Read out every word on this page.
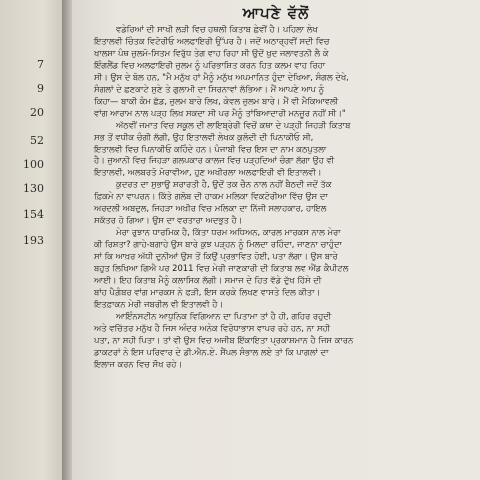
7
9
20
52
100
130
154
193
ਆਪਣੇ ਵੱਲੋਂ
ਵਡੇਰਿਆਂ ਦੀ ਸਾਖੀ ਲੜੀ ਵਿਚ ਹਥਲੀ ਕਿਤਾਬ ਛੇਵੀਂ ਹੈ। ਪਹਿਲਾ ਲੇਖ
ਇਤਾਲਵੀ ਚਿੰਤਕ ਵਿਟੋਰੀਓ ਅਲਫਾਇਰੀ ਉੱਪਰ ਹੈ। ਜਦੋਂ ਅਠਾਰ੍ਹਵੀਂ ਸਦੀ ਵਿਚ
ਖਾਲਸਾ ਪੰਥ ਜ਼ੁਲਮੋ-ਸਿਤਮ ਵਿਰੁੱਧ ਤੇਗ ਵਾਹ ਰਿਹਾ ਸੀ ਉਦੋਂ ਖੁਦ ਜਲਾਵਤਨੀ ਲੈ ਕੇ
ਇੰਗਲੈਂਡ ਵਿਚ ਅਲਫਾਇਰੀ ਜ਼ੁਲਮ ਨੂੰ ਪਰਿਭਾਸ਼ਿਤ ਕਰਨ ਹਿਤ ਕਲਮ ਵਾਹ ਰਿਹਾ
ਸੀ। ਉਸ ਦੇ ਬੋਲ ਹਨ, "ਮੈ ਮਨੁੱਖ ਹਾਂ ਮੈਨੂੰ ਮਨੁੱਖ ਅਪਮਾਨਿਤ ਹੁੰਦਾ ਦੇਖਿਆ, ਸੰਗਲ ਦੇਖੇ,
ਸੰਗਲਾਂ ਦੇ ਛਣਕਾਟੇ ਸੁਣੇ ਤੇ ਗੁਲਾਮੀ ਦਾ ਸਿਰਨਾਵਾਂ ਲੱਭਿਆ। ਮੈਂ ਆਪਣੇ ਆਪ ਨੂੰ
ਕਿਹਾ— ਬਾਕੀ ਕੰਮ ਛੱਡ, ਜ਼ੁਲਮ ਬਾਰੇ ਲਿਖ, ਕੇਵਲ ਜ਼ੁਲਮ ਬਾਰੇ। ਮੈਂ ਵੀ ਮੈਕਿਆਵਲੀ
ਵਾਂਗ ਆਰਾਮ ਨਾਲ ਪੜ੍ਹ ਲਿਖ ਸਕਦਾ ਸੀ ਪਰ ਮੈਨੂੰ ਤਾਂਬਿਆਦਾਰੀ ਮਨਜ਼ੂਰ ਨਹੀਂ ਸੀ।"
ਅੱਠਵੀਂ ਜਮਾਤ ਵਿਚ ਸਕੂਲ ਦੀ ਲਾਇਬ੍ਰੇਰੀ ਵਿਚੋਂ ਕਥਾ ਦੇ ਪੜ੍ਹੀ ਜਿਹੜੀ ਕਿਤਾਬ
ਸਭ ਤੋਂ ਵਧੀਕ ਚੰਗੀ ਲੱਗੀ, ਉਹ ਇਤਾਲਵੀ ਲੇਖਕ ਕੁਲੋਦੀ ਦੀ ਪਿਨਾਕੀਓ ਸੀ,
ਇਤਾਲਵੀ ਵਿਚ ਪਿਨਾਕੀਓ ਕਹਿੰਦੇ ਹਨ। ਪੰਜਾਬੀ ਵਿਚ ਇਸ ਦਾ ਨਾਮ ਕਠਪੁਤਲਾ
ਹੈ। ਜੁਆਨੀ ਵਿਚ ਜਿਹੜਾ ਗਲਪਕਾਰ ਕਾਲਜ ਵਿਚ ਪੜ੍ਹਦਿਆਂ ਚੰਗਾ ਲੱਗਾ ਉਹ ਵੀ
ਇਤਾਲਵੀ, ਅਲਬਰਤੋ ਮੋਰਾਵੀਆ, ਹੁਣ ਅਖੀਰਲਾ ਅਲਫਾਇਰੀ ਵੀ ਇਤਾਲਵੀ।
ਕੁਦਰਤ ਦਾ ਸੁਭਾਉ ਸ਼ਰਾਰਤੀ ਹੈ, ਉਦੋਂ ਤਕ ਚੈਨ ਨਾਲ ਨਹੀਂ ਬੈਠਦੀ ਜਦੋਂ ਤੱਕ
ਫ਼ਿਕਮੇ ਨਾ ਵਾਪਰਨ। ਕਿੱਤੇ ਗਲੋਬ ਦੀ ਹਾਕਮ ਮਲਿਕਾ ਵਿਕਟੋਰੀਆ ਵਿੱਚ ਉਸ ਦਾ
ਅਰਦਲੀ ਅਬਦੁਲ, ਜਿਹੜਾ ਅਖ਼ੀਰ ਵਿਚ ਮਲਿਕਾ ਦਾ ਨਿੱਜੀ ਸਲਾਹਕਾਰ, ਹਾਇਲ
ਸਕੱਤਰ ਹੋ ਗਿਆ। ਉਸ ਦਾ ਵਰਤਾਰਾ ਅਦਭੁਤ ਹੈ।
ਮੇਰਾ ਰੁਝਾਨ ਧਾਰਮਿਕ ਹੈ, ਕਿੱਤਾ ਧਰਮ ਅਧਿਅਨ, ਕਾਰਲ ਮਾਰਕਸ ਨਾਲ ਮੇਰਾ
ਕੀ ਰਿਸ਼ਤਾ? ਗਾਹੇ-ਬਗਾਹੇ ਉਸ ਬਾਰੇ ਕੁਝ ਪੜ੍ਹਨ ਨੂੰ ਮਿਲਦਾ ਰਹਿੰਦਾ, ਜਾਣਨਾ ਚਾਹੁੰਦਾ
ਸਾਂ ਕਿ ਆਖ਼ਰ ਅੱਧੀ ਦੁਨੀਆਂ ਉਸ ਤੋਂ ਕਿਉਂ ਪ੍ਰਭਾਵਿਤ ਹੋਈ, ਪਤਾ ਲੱਗਾ। ਉਸ ਬਾਰੇ
ਬਹੁਤ ਲਿਖਿਆ ਗਿਐ ਪਰ 2011 ਵਿਚ ਮੇਰੀ ਜਾਣਕਾਰੀ ਦੀ ਕਿਤਾਬ ਲਵ ਐਂਡ ਕੈਪੀਟਲ
ਆਈ। ਇਹ ਕਿਤਾਬ ਮੈਨੂੰ ਕਲਾਸਿਕ ਲੱਗੀ। ਸਮਾਜ ਦੇ ਹਿਤ ਵੱਡੇ ਦੁੱਖ ਹਿੱਸੇ ਦੀ
ਬਾਂਹ ਪੈਗ਼ੰਬਰ ਵਾਂਗ ਮਾਰਕਸ ਨੇ ਫੜੀ, ਇਸ ਕਰਕੇ ਲਿਖਣ ਵਾਸਤੇ ਦਿਲ ਕੀਤਾ।
ਇਤਫ਼ਾਕਨ ਮੇਰੀ ਜਬਰੀਲ ਵੀ ਇਤਾਲਵੀ ਹੈ।
ਆਇੰਨਸਟੀਨ ਆਧੁਨਿਕ ਵਿਗਿਆਨ ਦਾ ਪਿਤਾਮਾ ਤਾਂ ਹੈ ਹੀ, ਗਹਿਰ ਰਹੁਦੀ
ਅਤੇ ਵਚਿੱਤਰ ਮਨੁੱਖ ਹੈ ਜਿਸ ਅੰਦਰ ਅਨੇਕ ਵਿਰੋਧਾਭਾਸ ਵਾਪਰ ਰਹੇ ਹਨ, ਨਾ ਸਹੀ
ਪਤਾ, ਨਾ ਸਹੀ ਪਿਤਾ। ਤਾਂ ਵੀ ਉਸ ਵਿਚ ਅਜੀਬ ਇੱਕਾਇਤਾ ਪ੍ਰਕਾਸ਼ਮਾਨ ਹੈ ਜਿਸ ਕਾਰਨ
ਡਾਕਟਰਾਂ ਨੇ ਇਸ ਪਰਿਵਾਰ ਦੇ ਡੀ.ਐਨ.ਏ. ਸੈਂਪਲ ਸੰਭਾਲ ਲਏ ਤਾਂ ਕਿ ਪਾਗਲਾਂ ਦਾ
ਇਲਾਜ ਕਰਨ ਵਿਚ ਸੌਖ ਰਹੇ।
